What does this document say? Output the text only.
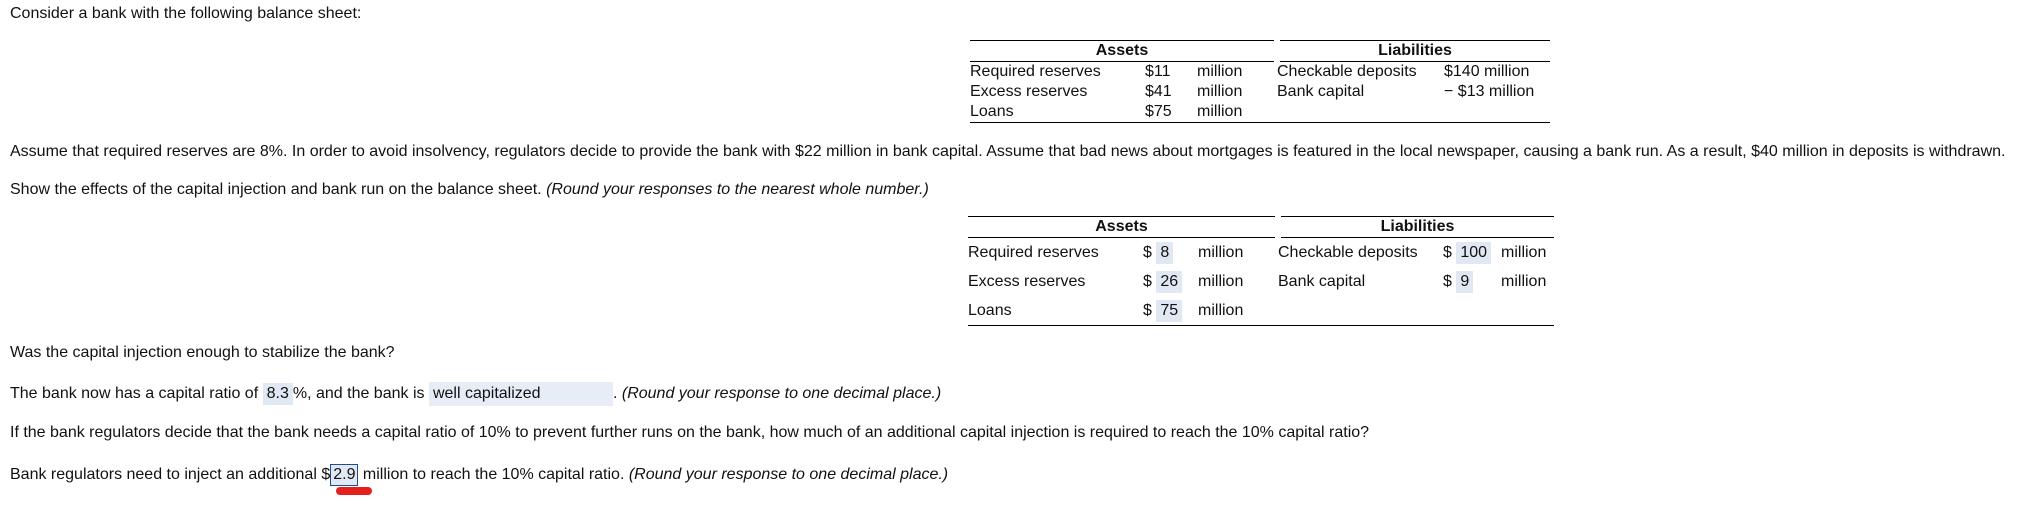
Consider a bank with the following balance sheet:
Assets			Liabilities	
Required reserves	$11	million	Checkable deposits	$140 million
Excess reserves	$41	million	Bank capital	− $13 million
Loans	$75	million		
Assume that required reserves are 8%. In order to avoid insolvency, regulators decide to provide the bank with $22 million in bank capital. Assume that bad news about mortgages is featured in the local newspaper, causing a bank run. As a result, $40 million in deposits is withdrawn.
Show the effects of the capital injection and bank run on the balance sheet. (Round your responses to the nearest whole number.)
Assets			Liabilities		
Required reserves	$ 8	million	Checkable deposits	$ 100	million
Excess reserves	$ 26	million	Bank capital	$ 9	million
Loans	$ 75	million			
Was the capital injection enough to stabilize the bank?
The bank now has a capital ratio of 8.3 %, and the bank is well capitalized	. (Round your response to one decimal place.)
If the bank regulators decide that the bank needs a capital ratio of 10% to prevent further runs on the bank, how much of an additional capital injection is required to reach the 10% capital ratio?
Bank regulators need to inject an additional $ 2.9 million to reach the 10% capital ratio. (Round your response to one decimal place.)
